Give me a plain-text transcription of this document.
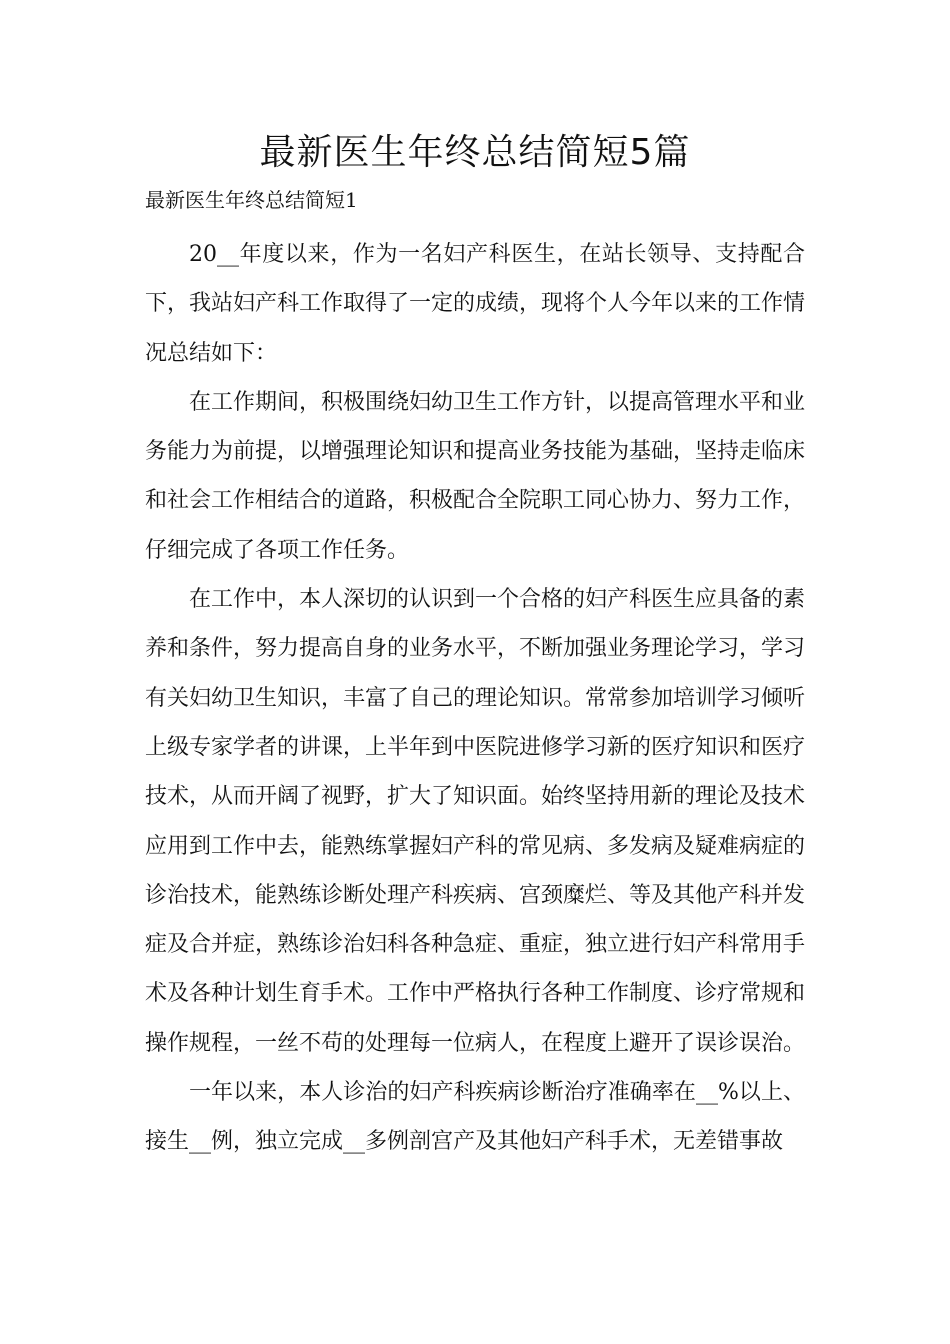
最新医生年终总结简短5篇
最新医生年终总结简短1

20__年度以来，作为一名妇产科医生，在站长领导、支持配合下，我站妇产科工作取得了一定的成绩，现将个人今年以来的工作情况总结如下：

在工作期间，积极围绕妇幼卫生工作方针，以提高管理水平和业务能力为前提，以增强理论知识和提高业务技能为基础，坚持走临床和社会工作相结合的道路，积极配合全院职工同心协力、努力工作，仔细完成了各项工作任务。

在工作中，本人深切的认识到一个合格的妇产科医生应具备的素养和条件，努力提高自身的业务水平，不断加强业务理论学习，学习有关妇幼卫生知识，丰富了自己的理论知识。常常参加培训学习倾听上级专家学者的讲课，上半年到中医院进修学习新的医疗知识和医疗技术，从而开阔了视野，扩大了知识面。始终坚持用新的理论及技术应用到工作中去，能熟练掌握妇产科的常见病、多发病及疑难病症的诊治技术，能熟练诊断处理产科疾病、宫颈糜烂、等及其他产科并发症及合并症，熟练诊治妇科各种急症、重症，独立进行妇产科常用手术及各种计划生育手术。工作中严格执行各种工作制度、诊疗常规和操作规程，一丝不苟的处理每一位病人，在程度上避开了误诊误治。

一年以来，本人诊治的妇产科疾病诊断治疗准确率在__%以上、接生__例，独立完成__多例剖宫产及其他妇产科手术，无差错事故
